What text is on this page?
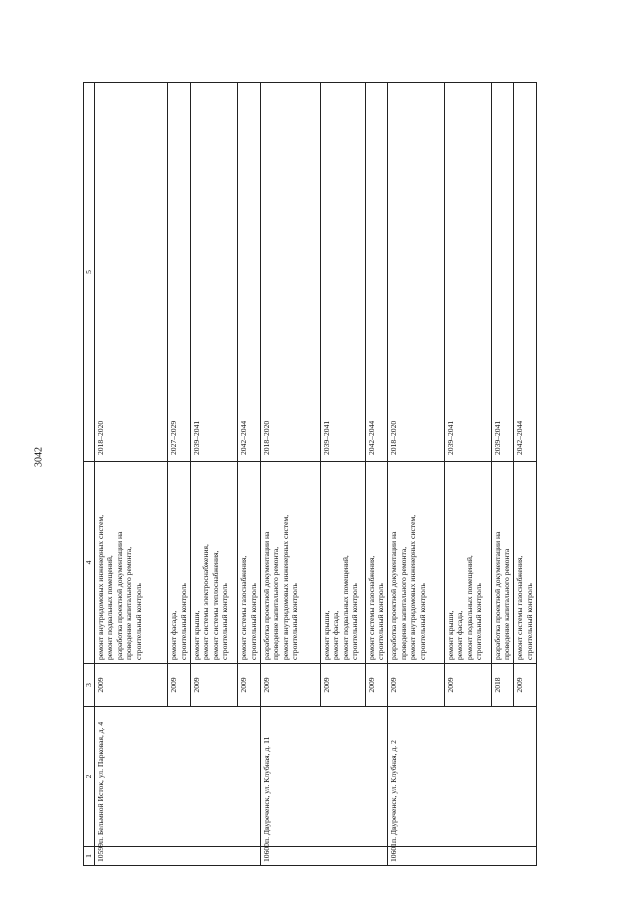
3042
1	2	3	4	5
10599.	п. Бельмной Исток, ул. Парковая, д. 4	2009	ремонт внутридомовых инженерных систем, ремонт подвальных помещений, разработка проектной документации на проведение капитального ремонта, строительный контроль	2018–2020
		2009	ремонт фасада, строительный контроль	2027–2029
		2009	ремонт крыши, ремонт системы электроснабжения, ремонт системы теплоснабжения, строительный контроль	2039–2041
		2009	ремонт системы газоснабжения, строительный контроль	2042–2044
10600.	п. Двуреченск, ул. Клубная, д. 11	2009	разработка проектной документации на проведение капитального ремонта, ремонт внутридомовых инженерных систем, строительный контроль	2018–2020
		2009	ремонт крыши, ремонт фасада, ремонт подвальных помещений, строительный контроль	2039–2041
		2009	ремонт системы газоснабжения, строительный контроль	2042–2044
10601.	п. Двуреченск, ул. Клубная, д. 2	2009	разработка проектной документации на проведение капитального ремонта, ремонт внутридомовых инженерных систем, строительный контроль	2018–2020
		2009	ремонт крыши, ремонт фасада, ремонт подвальных помещений, строительный контроль	2039–2041
		2018	разработка проектной документации на проведение капитального ремонта	2039–2041
		2009	ремонт системы газоснабжения, строительный контроль	2042–2044
